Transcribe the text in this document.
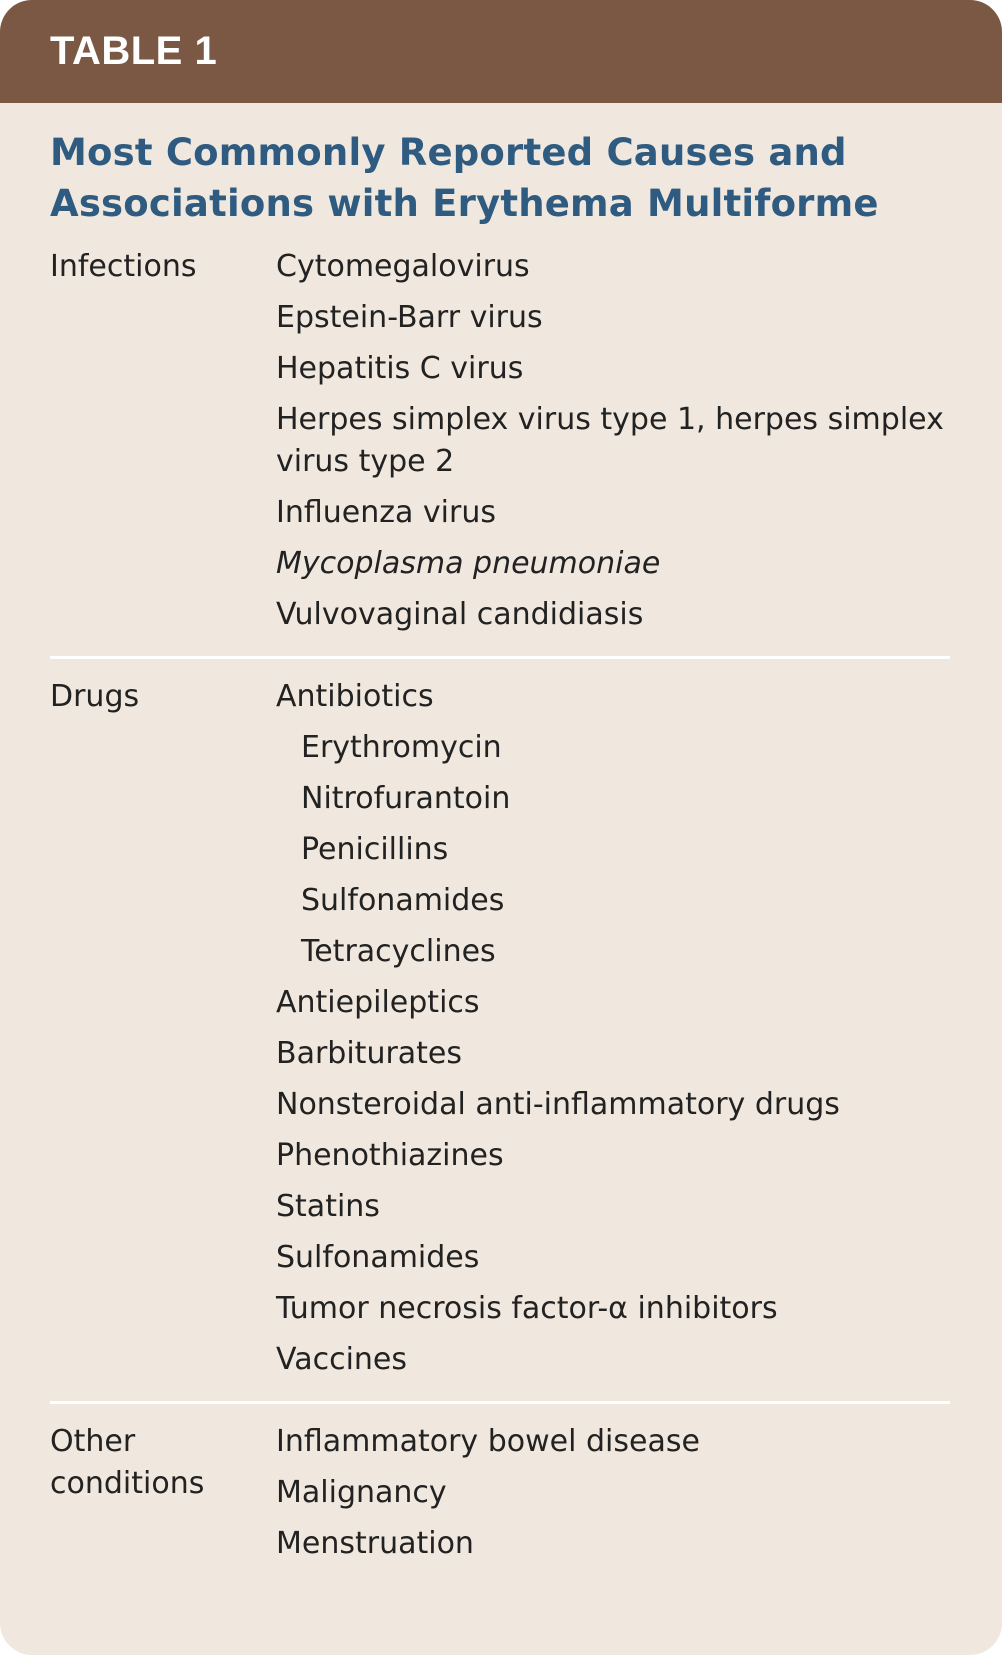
TABLE 1
Most Commonly Reported Causes and Associations with Erythema Multiforme
Infections	Cytomegalovirus
Epstein-Barr virus
Hepatitis C virus
Herpes simplex virus type 1, herpes simplex virus type 2
Influenza virus
Mycoplasma pneumoniae
Vulvovaginal candidiasis
Drugs	Antibiotics
Erythromycin
Nitrofurantoin
Penicillins
Sulfonamides
Tetracyclines
Antiepileptics
Barbiturates
Nonsteroidal anti-inflammatory drugs
Phenothiazines
Statins
Sulfonamides
Tumor necrosis factor-α inhibitors
Vaccines
Other
conditions
Inflammatory bowel disease
Malignancy
Menstruation
